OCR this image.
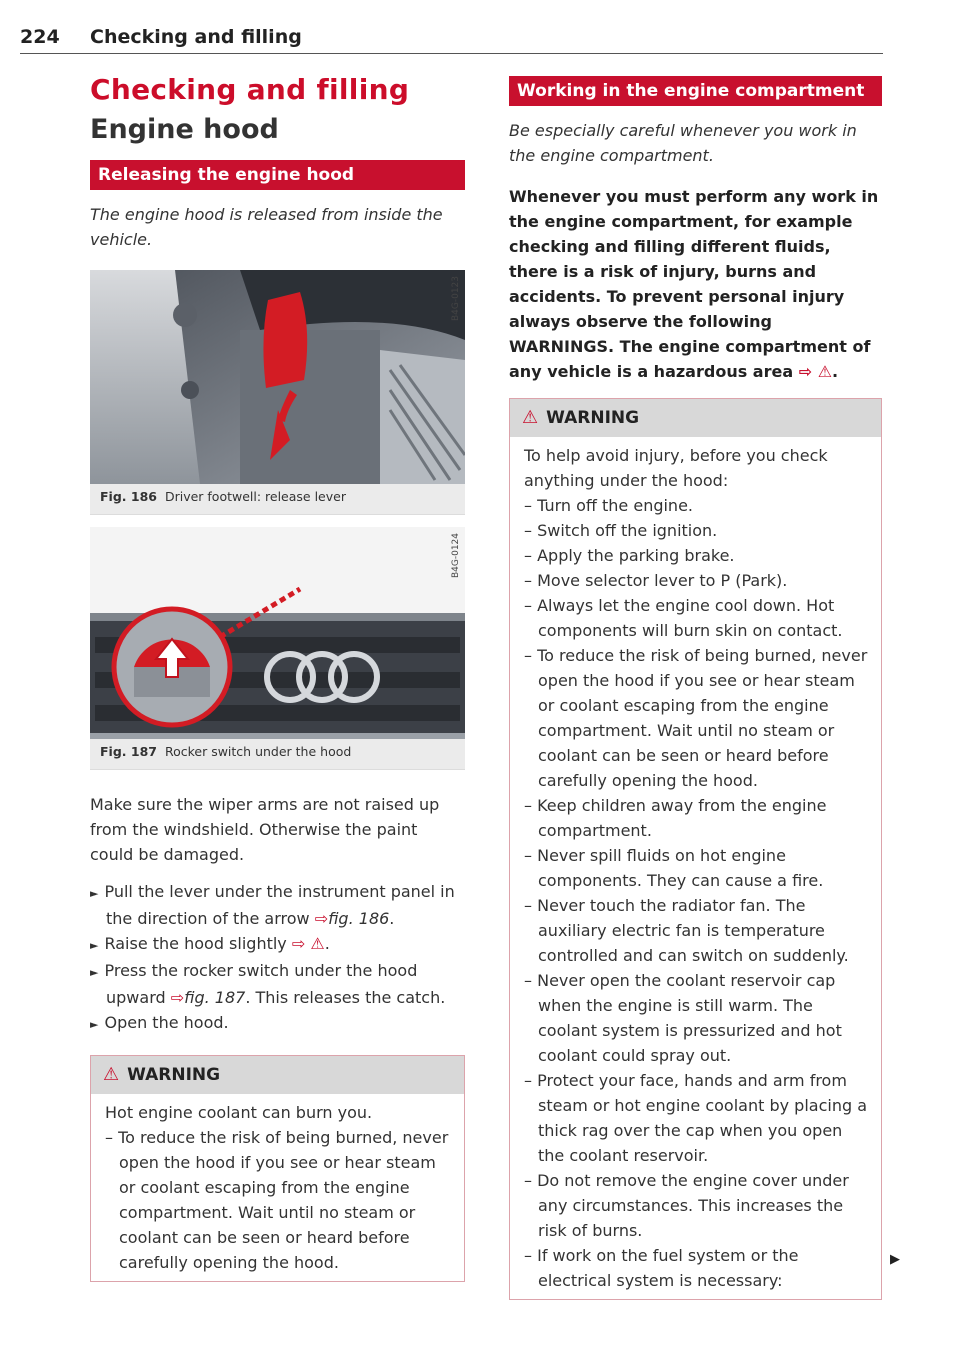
224 Checking and filling
Checking and filling
Engine hood
Releasing the engine hood
The engine hood is released from inside the vehicle.
B4G-0123
Fig. 186 Driver footwell: release lever
B4G-0124
Fig. 187 Rocker switch under the hood
Make sure the wiper arms are not raised up from the windshield. Otherwise the paint could be damaged.
► Pull the lever under the instrument panel in the direction of the arrow ⇨fig. 186.
► Raise the hood slightly ⇨ ⚠.
► Press the rocker switch under the hood upward ⇨fig. 187. This releases the catch.
► Open the hood.
⚠ WARNING
Hot engine coolant can burn you.
– To reduce the risk of being burned, never open the hood if you see or hear steam or coolant escaping from the engine compartment. Wait until no steam or coolant can be seen or heard before carefully opening the hood.
Working in the engine compartment
Be especially careful whenever you work in the engine compartment.
Whenever you must perform any work in the engine compartment, for example checking and filling different fluids, there is a risk of injury, burns and accidents. To prevent personal injury always observe the following WARNINGS. The engine compartment of any vehicle is a hazardous area ⇨ ⚠.
⚠ WARNING
To help avoid injury, before you check anything under the hood:
– Turn off the engine.
– Switch off the ignition.
– Apply the parking brake.
– Move selector lever to P (Park).
– Always let the engine cool down. Hot components will burn skin on contact.
– To reduce the risk of being burned, never open the hood if you see or hear steam or coolant escaping from the engine compartment. Wait until no steam or coolant can be seen or heard before carefully opening the hood.
– Keep children away from the engine compartment.
– Never spill fluids on hot engine components. They can cause a fire.
– Never touch the radiator fan. The auxiliary electric fan is temperature controlled and can switch on suddenly.
– Never open the coolant reservoir cap when the engine is still warm. The coolant system is pressurized and hot coolant could spray out.
– Protect your face, hands and arm from steam or hot engine coolant by placing a thick rag over the cap when you open the coolant reservoir.
– Do not remove the engine cover under any circumstances. This increases the risk of burns.
– If work on the fuel system or the electrical system is necessary:
▶
